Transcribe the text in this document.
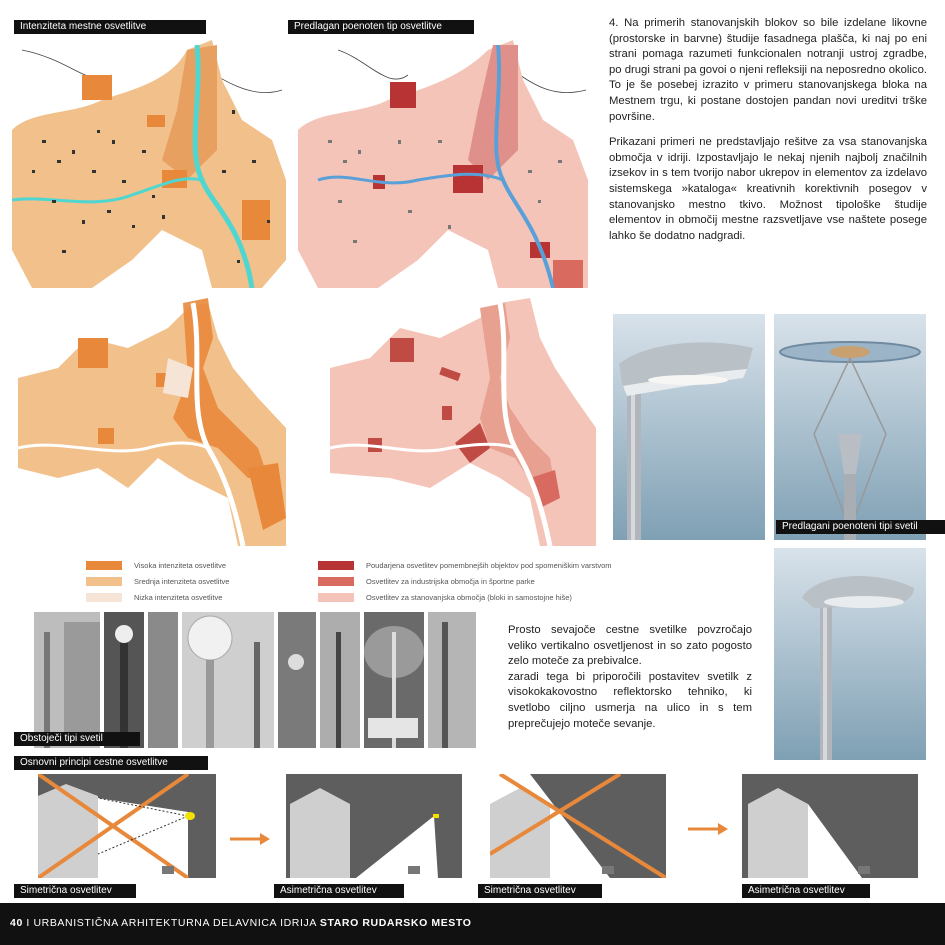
Intenziteta mestne osvetlitve	Predlagan poenoten tip osvetlitve	4. Na primerih stanovanjskih blokov so bile izdelane likovne (prostorske in barvne) študije fasadnega plašča, ki naj po eni strani pomaga razumeti funkcionalen notranji ustroj zgradbe, po drugi strani pa govoi o njeni refleksiji na neposredno okolico. To je še posebej izrazito v primeru stanovanjskega bloka na Mestnem trgu, ki postane dostojen pandan novi ureditvi trške površine.

Prikazani primeri ne predstavljajo rešitve za vsa stanovanjska območja v idriji. Izpostavljajo le nekaj njenih najbolj značilnih izsekov in s tem tvorijo nabor ukrepov in elementov za izdelavo sistemskega »kataloga« kreativnih korektivnih posegov v stanovanjsko mestno tkivo. Možnost tipološke študije elementov in območij mestne razsvetljave vse naštete posege lahko še dodatno nadgradi.

Predlagani poenoteni tipi svetil
Visoka intenziteta osvetlitve
Srednja intenziteta osvetlitve
Nizka intenziteta osvetlitve
Poudarjena osvetlitev pomembnejših objektov pod spomeniškim varstvom
Osvetlitev za industrijska območja in športne parke
Osvetlitev za stanovanjska območja (bloki in samostojne hiše)
Obstoječi tipi svetil
Prosto sevajoče cestne svetilke povzročajo veliko vertikalno osvetljenost in so zato pogosto zelo moteče za prebivalce.
zaradi tega bi priporočili postavitev svetilk z visokokakovostno reflektorsko tehniko, ki svetlobo ciljno usmerja na ulico in s tem preprečujejo moteče sevanje.
Osnovni principi cestne osvetlitve
Simetrična osvetlitev	Asimetrična osvetlitev	Simetrična osvetlitev	Asimetrična osvetlitev
40 I URBANISTIČNA ARHITEKTURNA DELAVNICA IDRIJA STARO RUDARSKO MESTO
